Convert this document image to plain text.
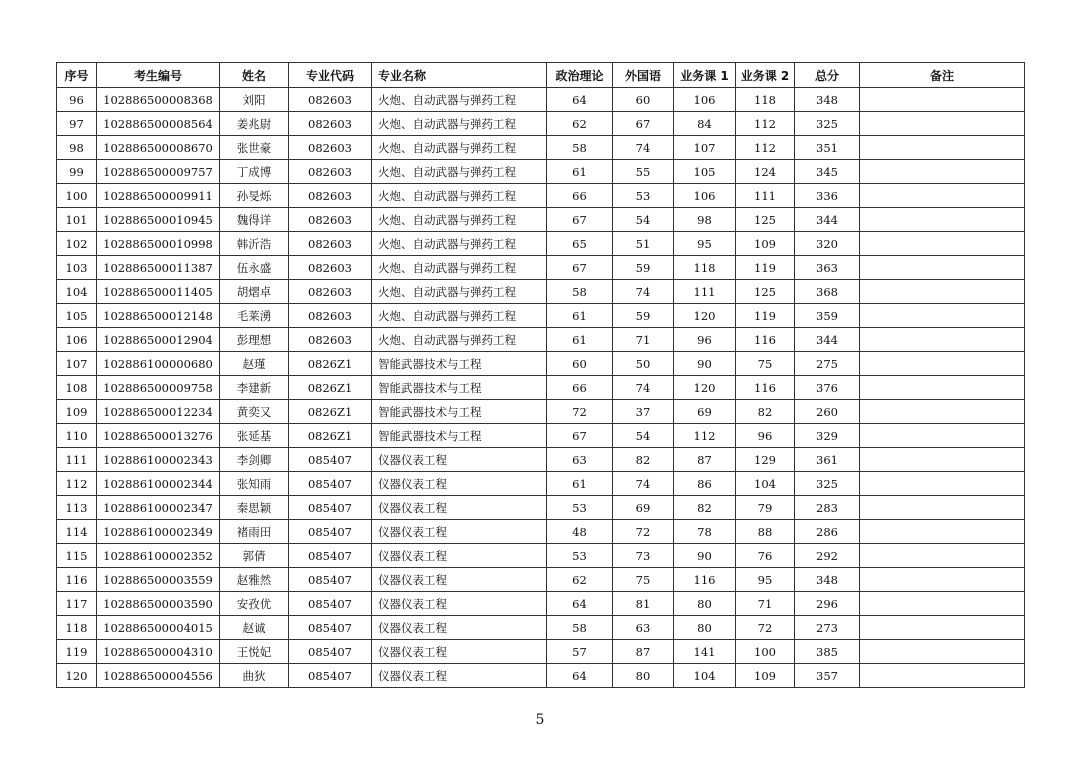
序号	考生编号	姓名	专业代码	专业名称	政治理论	外国语	业务课 1	业务课 2	总分	备注
96	102886500008368	刘阳	082603	火炮、自动武器与弹药工程	64	60	106	118	348	
97	102886500008564	姜兆尉	082603	火炮、自动武器与弹药工程	62	67	84	112	325	
98	102886500008670	张世豪	082603	火炮、自动武器与弹药工程	58	74	107	112	351	
99	102886500009757	丁成博	082603	火炮、自动武器与弹药工程	61	55	105	124	345	
100	102886500009911	孙旻烁	082603	火炮、自动武器与弹药工程	66	53	106	111	336	
101	102886500010945	魏得详	082603	火炮、自动武器与弹药工程	67	54	98	125	344	
102	102886500010998	韩沂浩	082603	火炮、自动武器与弹药工程	65	51	95	109	320	
103	102886500011387	伍永盛	082603	火炮、自动武器与弹药工程	67	59	118	119	363	
104	102886500011405	胡熠卓	082603	火炮、自动武器与弹药工程	58	74	111	125	368	
105	102886500012148	毛莱湧	082603	火炮、自动武器与弹药工程	61	59	120	119	359	
106	102886500012904	彭理想	082603	火炮、自动武器与弹药工程	61	71	96	116	344	
107	102886100000680	赵瑾	0826Z1	智能武器技术与工程	60	50	90	75	275	
108	102886500009758	李建新	0826Z1	智能武器技术与工程	66	74	120	116	376	
109	102886500012234	黄奕又	0826Z1	智能武器技术与工程	72	37	69	82	260	
110	102886500013276	张延基	0826Z1	智能武器技术与工程	67	54	112	96	329	
111	102886100002343	李剑卿	085407	仪器仪表工程	63	82	87	129	361	
112	102886100002344	张知雨	085407	仪器仪表工程	61	74	86	104	325	
113	102886100002347	秦思颖	085407	仪器仪表工程	53	69	82	79	283	
114	102886100002349	褚雨田	085407	仪器仪表工程	48	72	78	88	286	
115	102886100002352	郭倩	085407	仪器仪表工程	53	73	90	76	292	
116	102886500003559	赵雅然	085407	仪器仪表工程	62	75	116	95	348	
117	102886500003590	安孜优	085407	仪器仪表工程	64	81	80	71	296	
118	102886500004015	赵诚	085407	仪器仪表工程	58	63	80	72	273	
119	102886500004310	王悦妃	085407	仪器仪表工程	57	87	141	100	385	
120	102886500004556	曲狄	085407	仪器仪表工程	64	80	104	109	357	
5
